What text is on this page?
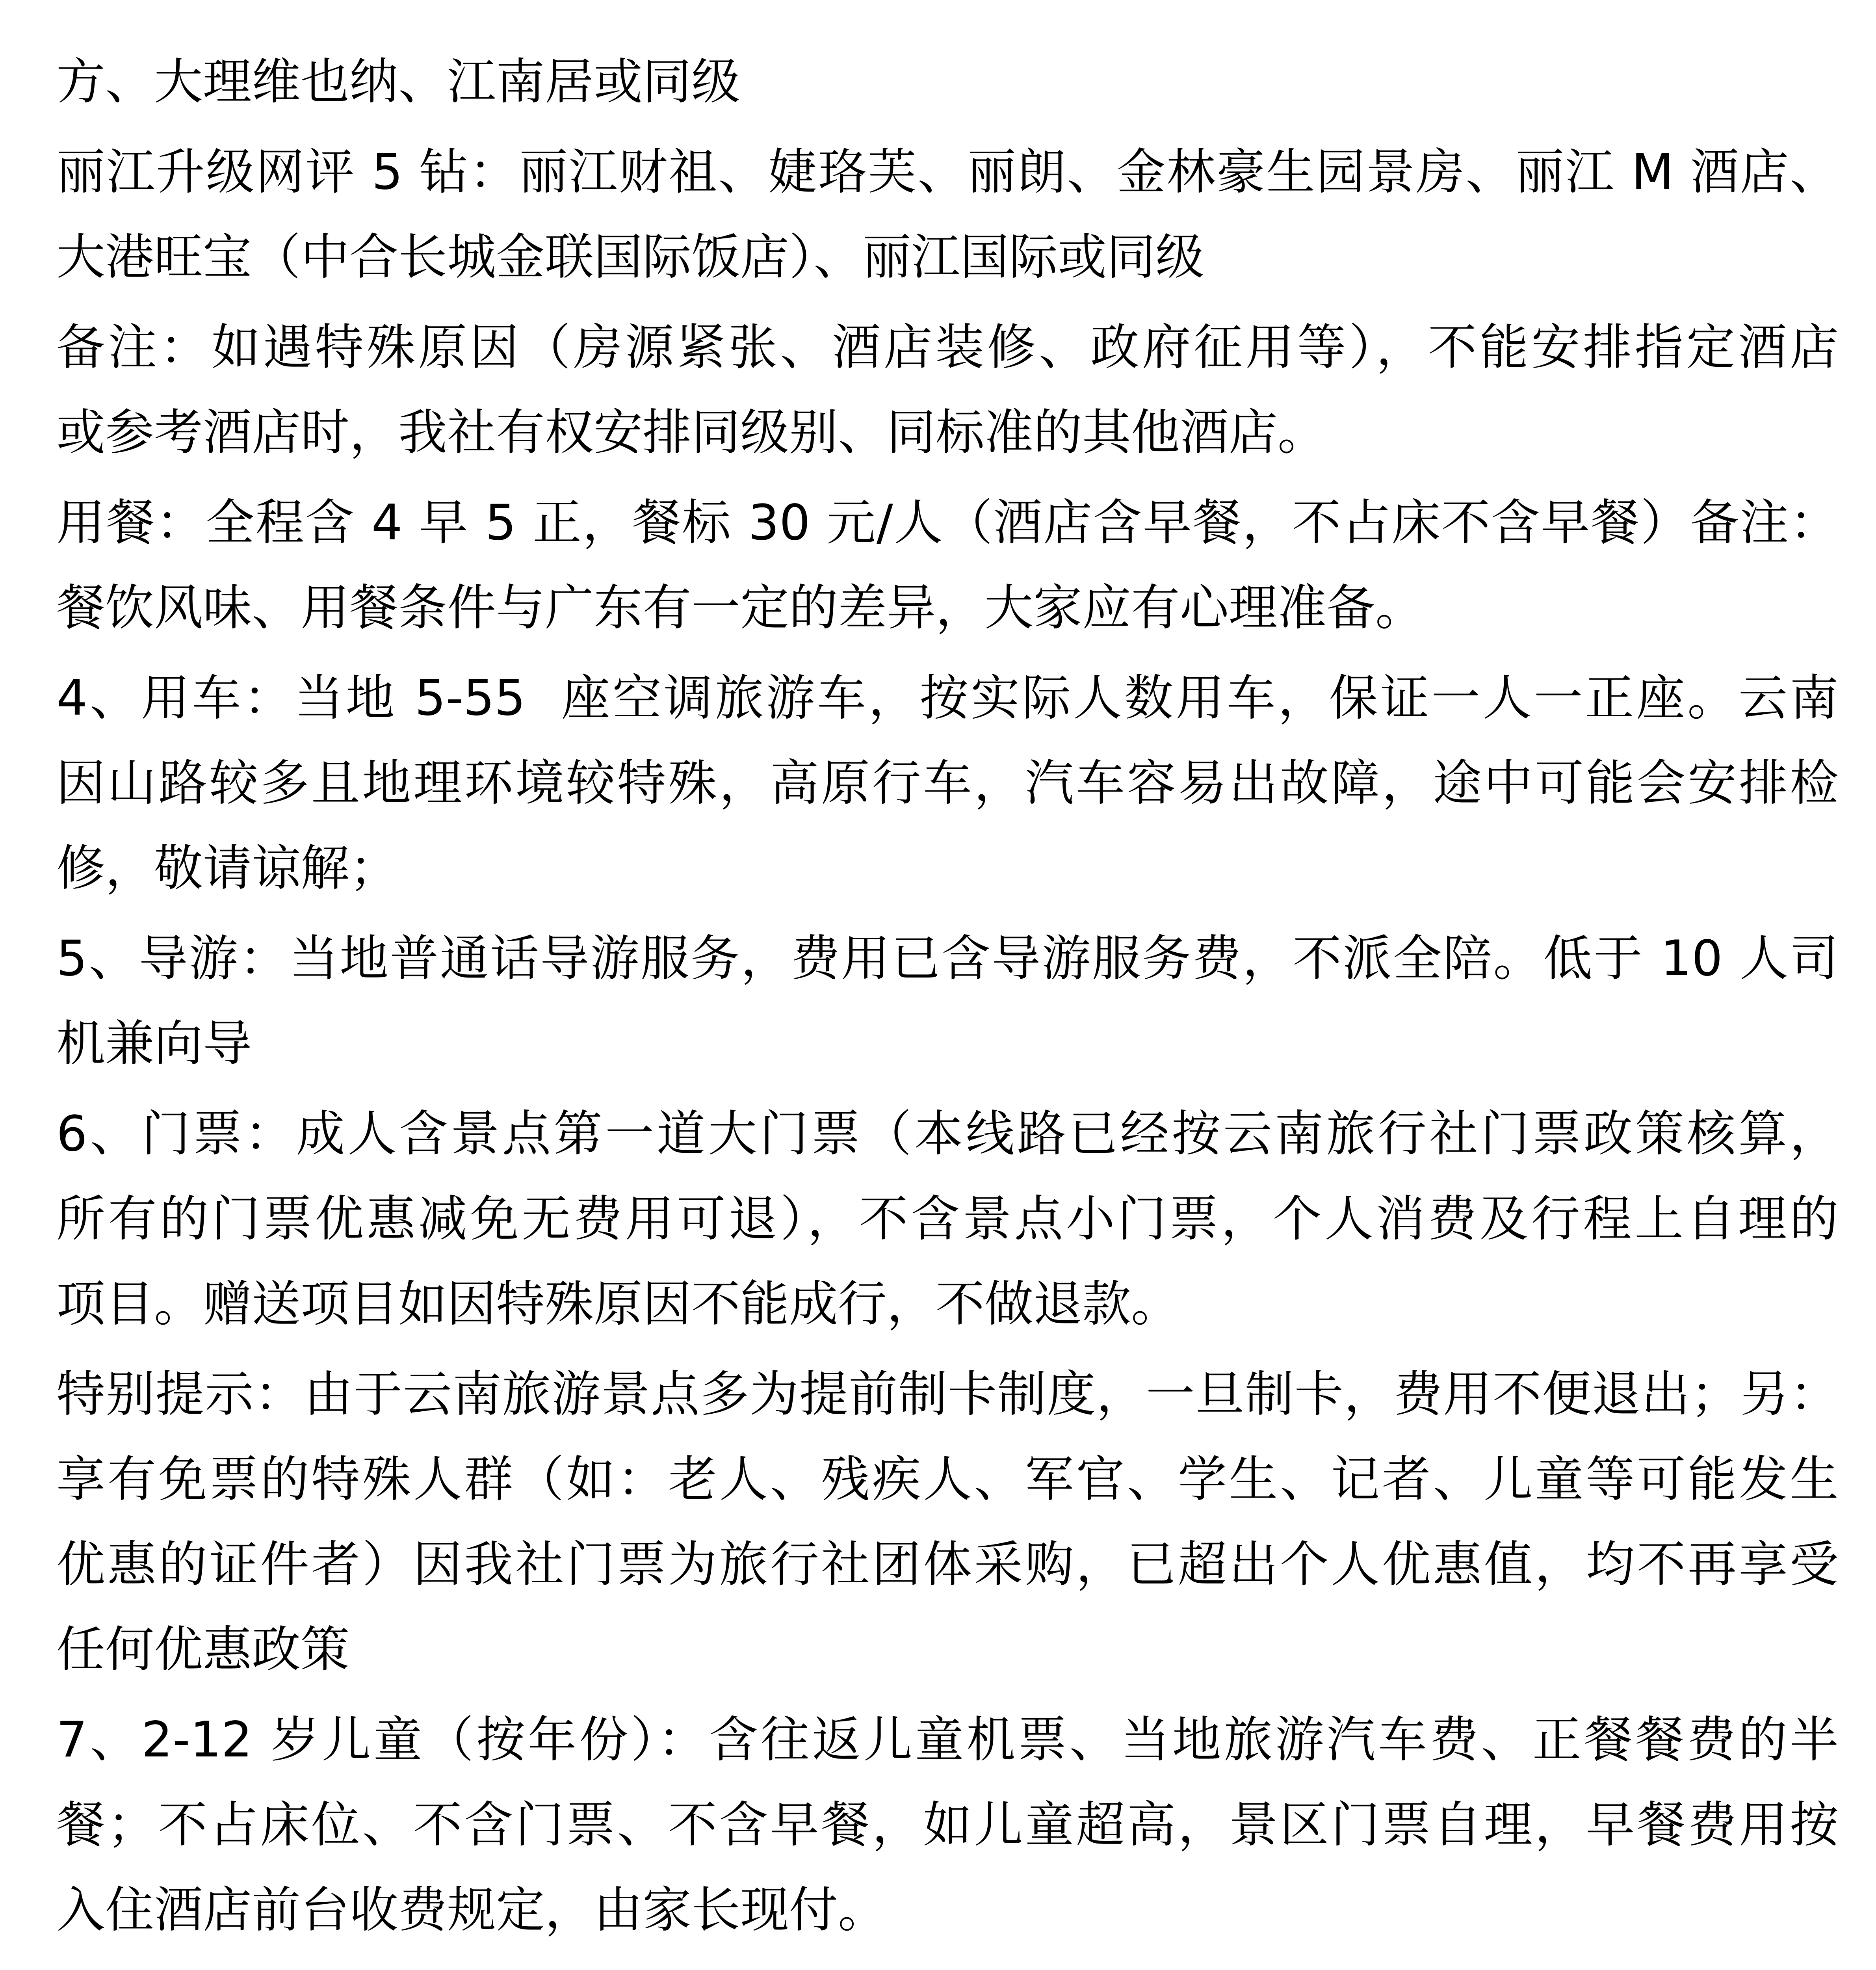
方、大理维也纳、江南居或同级
丽江升级网评 5 钻：丽江财祖、婕珞芙、丽朗、金林豪生园景房、丽江 M 酒店、
大港旺宝（中合长城金联国际饭店）、丽江国际或同级
备注：如遇特殊原因（房源紧张、酒店装修、政府征用等），不能安排指定酒店
或参考酒店时，我社有权安排同级别、同标准的其他酒店。
用餐：全程含 4 早 5 正，餐标 30 元/人（酒店含早餐，不占床不含早餐）备注：
餐饮风味、用餐条件与广东有一定的差异，大家应有心理准备。
4、用车：当地 5-55  座空调旅游车，按实际人数用车，保证一人一正座。云南
因山路较多且地理环境较特殊，高原行车，汽车容易出故障，途中可能会安排检
修，敬请谅解；
5、导游：当地普通话导游服务，费用已含导游服务费，不派全陪。低于 10 人司
机兼向导
6、门票：成人含景点第一道大门票（本线路已经按云南旅行社门票政策核算，
所有的门票优惠减免无费用可退），不含景点小门票，个人消费及行程上自理的
项目。赠送项目如因特殊原因不能成行，不做退款。
特别提示：由于云南旅游景点多为提前制卡制度，一旦制卡，费用不便退出；另：
享有免票的特殊人群（如：老人、残疾人、军官、学生、记者、儿童等可能发生
优惠的证件者）因我社门票为旅行社团体采购，已超出个人优惠值，均不再享受
任何优惠政策
7、2-12 岁儿童（按年份）：含往返儿童机票、当地旅游汽车费、正餐餐费的半
餐；不占床位、不含门票、不含早餐，如儿童超高，景区门票自理，早餐费用按
入住酒店前台收费规定，由家长现付。
